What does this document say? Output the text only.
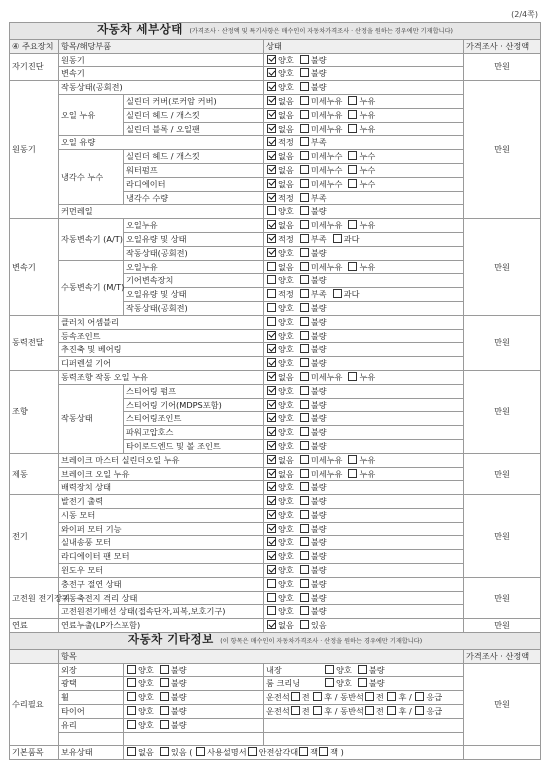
(2/4쪽)
자동차 세부상태 (가격조사 · 산정액 및 특기사항은 매수인이 자동차가격조사 · 산정을 원하는 경우에만 기재합니다)				
④ 주요장치	항목/해당부품		상태	가격조사 · 산정액
자기진단	원동기		양호 불량	만원
	변속기		양호 불량	
원동기	작동상태(공회전)		양호 불량	만원
	오일 누유	실린더 커버(로커암 커버)	없음 미세누유 누유	
		실린더 헤드 / 개스킷	없음 미세누유 누유	
		실린더 블록 / 오일팬	없음 미세누유 누유	
	오일 유량		적정 부족	
	냉각수 누수	실린더 헤드 / 개스킷	없음 미세누수 누수	
		워터펌프	없음 미세누수 누수	
		라디에이터	없음 미세누수 누수	
		냉각수 수량	적정 부족	
	커먼레일		양호 불량	
변속기	자동변속기 (A/T)	오일누유	없음 미세누유 누유	만원
		오일유량 및 상태	적정 부족 과다	
		작동상태(공회전)	양호 불량	
	수동변속기 (M/T)	오일누유	없음 미세누유 누유	
		기어변속장치	양호 불량	
		오일유량 및 상태	적정 부족 과다	
		작동상태(공회전)	양호 불량	
동력전달	클러치 어셈블리		양호 불량	만원
	등속조인트		양호 불량	
	추진축 및 베어링		양호 불량	
	디퍼렌셜 기어		양호 불량	
조향	동력조향 작동 오일 누유		없음 미세누유 누유	만원
	작동상태	스티어링 펌프	양호 불량	
		스티어링 기어(MDPS포함)	양호 불량	
		스티어링조인트	양호 불량	
		파워고압호스	양호 불량	
		타이로드엔드 및 볼 조인트	양호 불량	
제동	브레이크 마스터 실린더오일 누유		없음 미세누유 누유	만원
	브레이크 오일 누유		없음 미세누유 누유	
	배력장치 상태		양호 불량	
전기	발전기 출력		양호 불량	만원
	시동 모터		양호 불량	
	와이퍼 모터 기능		양호 불량	
	실내송풍 모터		양호 불량	
	라디에이터 팬 모터		양호 불량	
	윈도우 모터		양호 불량	
고전원 전기장치	충전구 절연 상태		양호 불량	만원
	구동축전지 격리 상태		양호 불량	
	고전원전기배선 상태(접속단자,피복,보호기구)		양호 불량	
연료	연료누출(LP가스포함)		없음 있음	만원
자동차 기타정보 (이 항목은 매수인이 자동차가격조사 · 산정을 원하는 경우에만 기재합니다)				
	항목			가격조사 · 산정액
수리필요	외장	양호 불량	내장 양호 불량	만원
	광택	양호 불량	룸 크리닝 양호 불량	
	휠	양호 불량	운전석 전 후 / 동반석 전 후 / 응급	
	타이어	양호 불량	운전석 전 후 / 동반석 전 후 / 응급	
	유리	양호 불량		

기본품목	보유상태	없음 있음 ( 사용설명서 안전삼각대 잭 잭 )		
